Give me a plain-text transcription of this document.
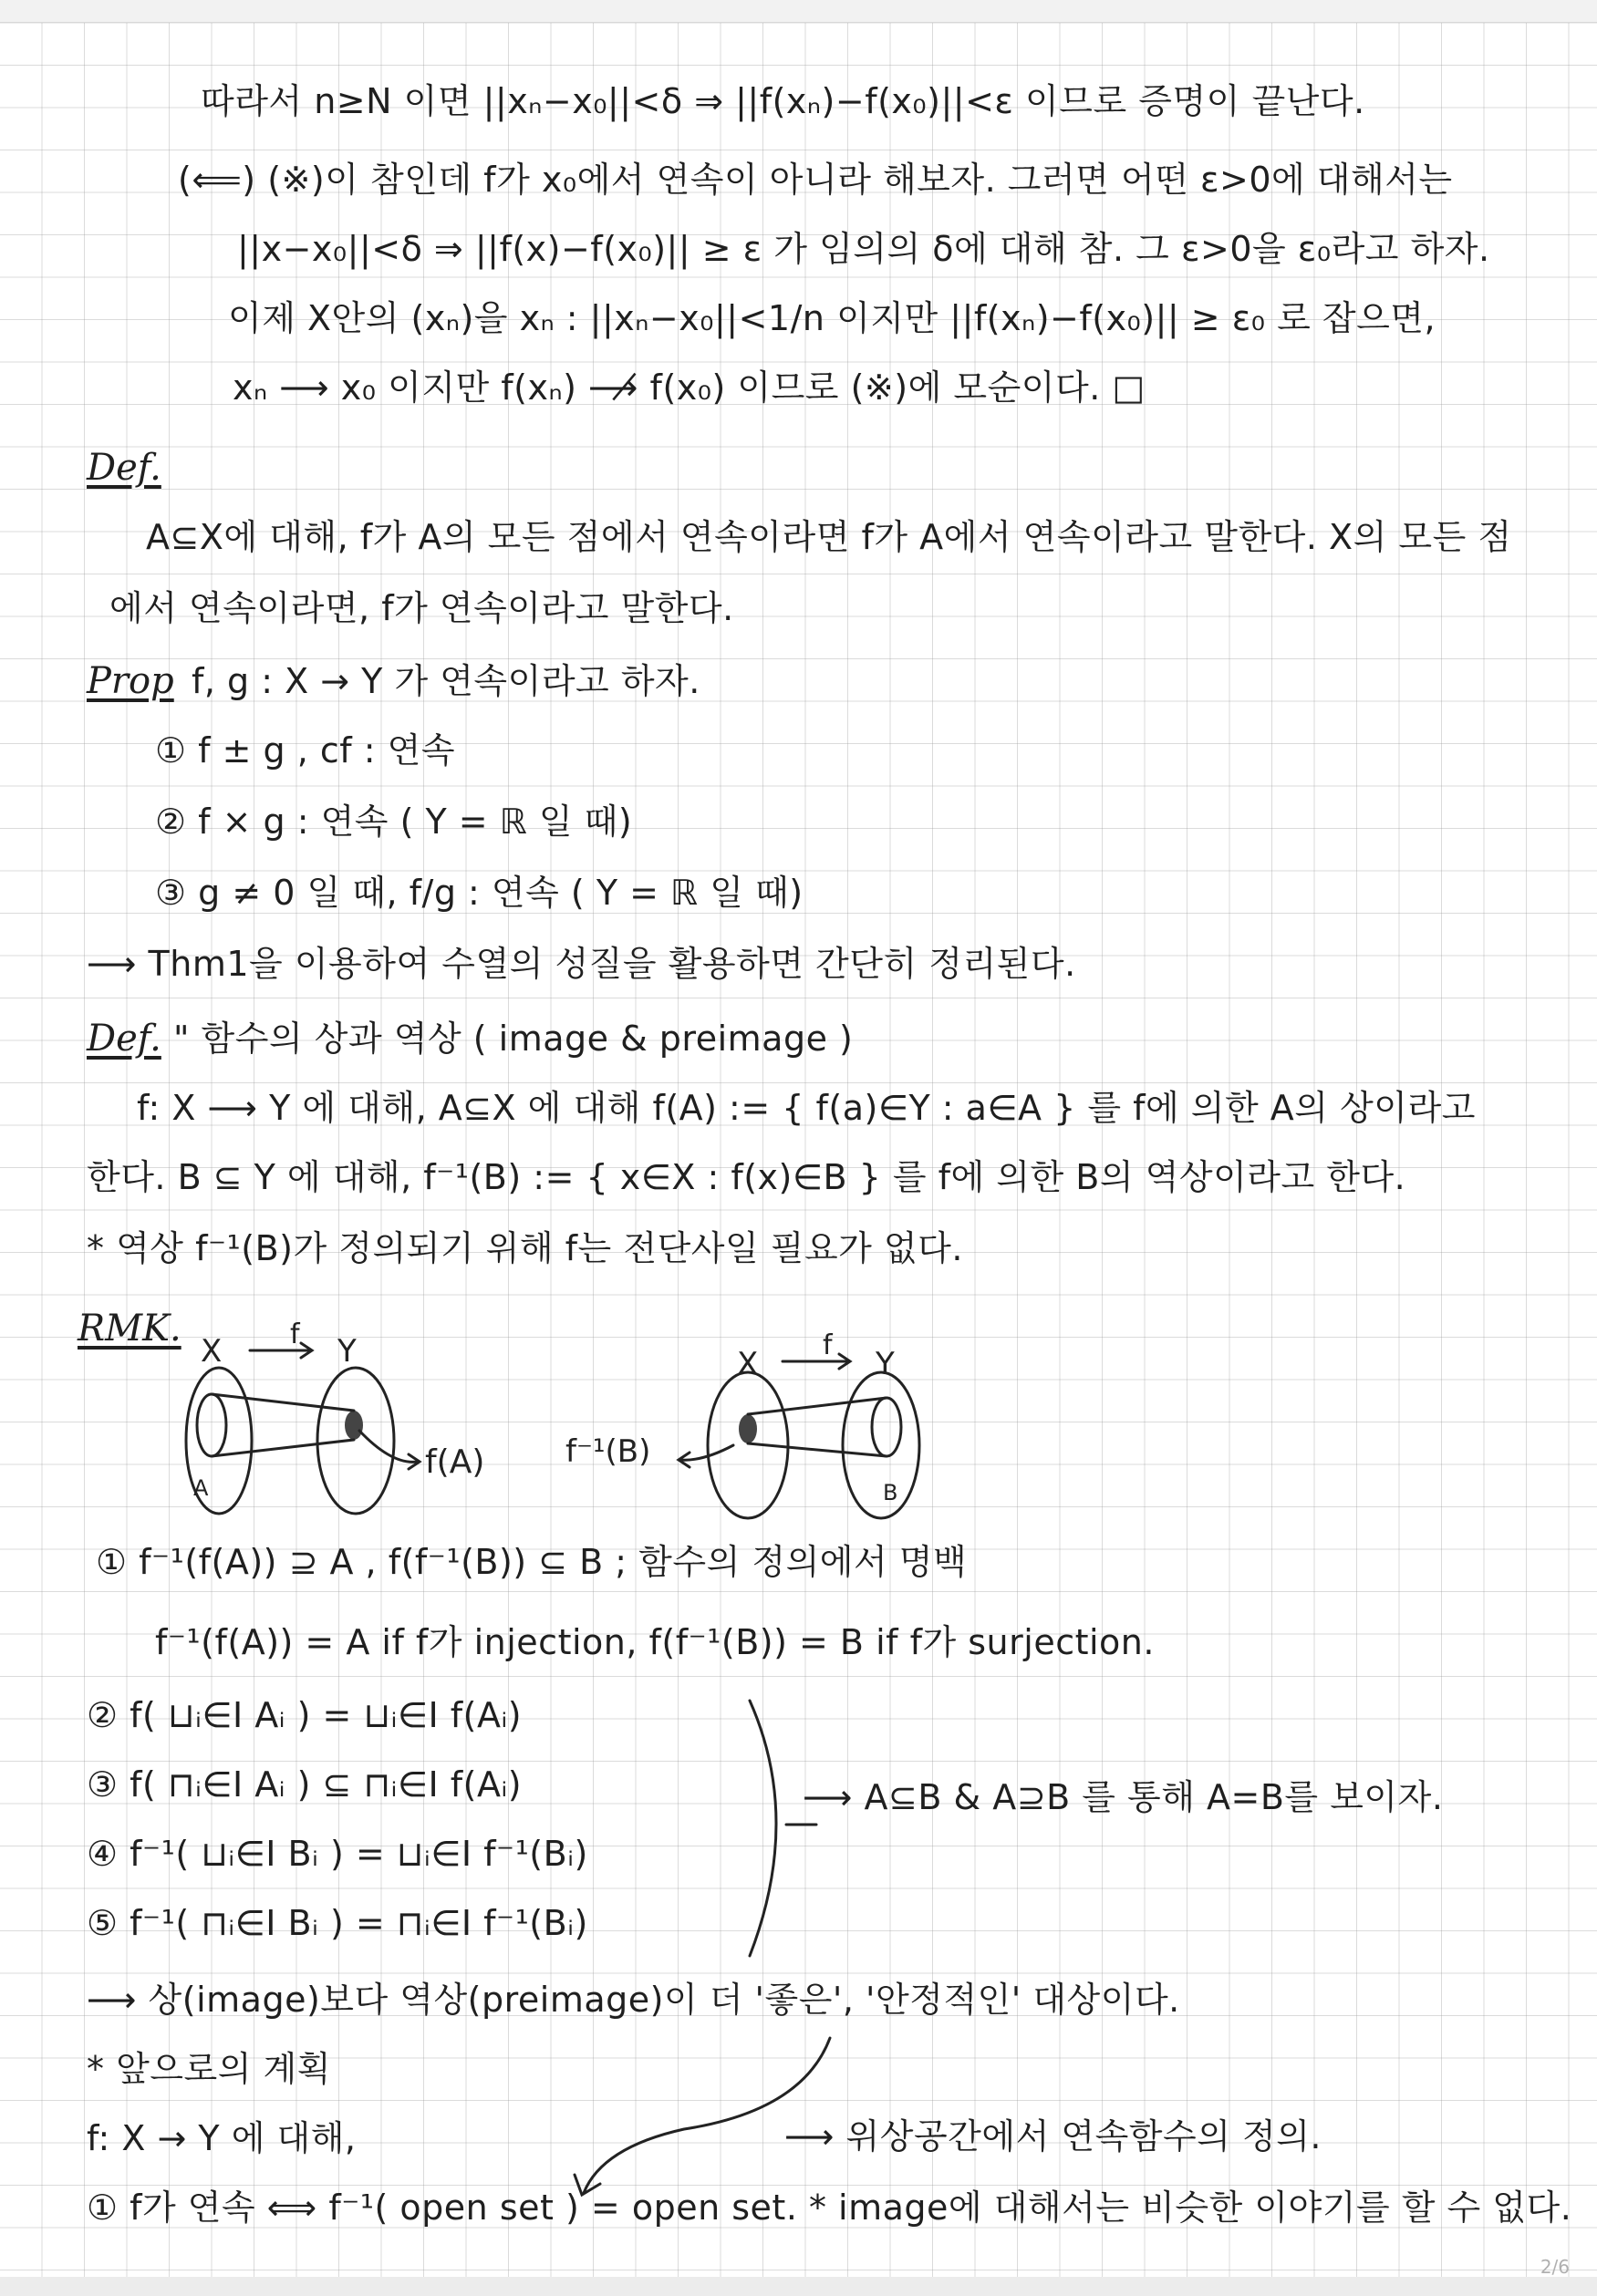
따라서 n≥N 이면 ||xₙ−x₀||<δ ⇒ ||f(xₙ)−f(x₀)||<ε 이므로 증명이 끝난다.
(⟸) (※)이 참인데 f가 x₀에서 연속이 아니라 해보자. 그러면 어떤 ε>0에 대해서는
||x−x₀||<δ ⇒ ||f(x)−f(x₀)|| ≥ ε 가 임의의 δ에 대해 참. 그 ε>0을 ε₀라고 하자.
이제 X안의 (xₙ)을 xₙ : ||xₙ−x₀||<1/n 이지만 ||f(xₙ)−f(x₀)|| ≥ ε₀ 로 잡으면,
xₙ ⟶ x₀ 이지만 f(xₙ) ⟶̸ f(x₀) 이므로 (※)에 모순이다. □
Def.
A⊆X에 대해, f가 A의 모든 점에서 연속이라면 f가 A에서 연속이라고 말한다. X의 모든 점
에서 연속이라면, f가 연속이라고 말한다.
Prop f, g : X → Y 가 연속이라고 하자.
① f ± g , cf : 연속
② f × g : 연속 ( Y = ℝ 일 때)
③ g ≠ 0 일 때, f/g : 연속 ( Y = ℝ 일 때)
⟶ Thm1을 이용하여 수열의 성질을 활용하면 간단히 정리된다.
Def. " 함수의 상과 역상 ( image & preimage )
f: X ⟶ Y 에 대해, A⊆X 에 대해 f(A) := { f(a)∈Y : a∈A } 를 f에 의한 A의 상이라고
한다. B ⊆ Y 에 대해, f⁻¹(B) := { x∈X : f(x)∈B } 를 f에 의한 B의 역상이라고 한다.
* 역상 f⁻¹(B)가 정의되기 위해 f는 전단사일 필요가 없다.
RMK.
X f Y
A
f(A)	f⁻¹(B)
X
f
Y
B
① f⁻¹(f(A)) ⊇ A , f(f⁻¹(B)) ⊆ B ; 함수의 정의에서 명백
f⁻¹(f(A)) = A if f가 injection, f(f⁻¹(B)) = B if f가 surjection.
② f( ⊔ᵢ∈I Aᵢ ) = ⊔ᵢ∈I f(Aᵢ)
③ f( ⊓ᵢ∈I Aᵢ ) ⊆ ⊓ᵢ∈I f(Aᵢ)
④ f⁻¹( ⊔ᵢ∈I Bᵢ ) = ⊔ᵢ∈I f⁻¹(Bᵢ)
⑤ f⁻¹( ⊓ᵢ∈I Bᵢ ) = ⊓ᵢ∈I f⁻¹(Bᵢ)
⟶ A⊆B & A⊇B 를 통해 A=B를 보이자.
⟶ 상(image)보다 역상(preimage)이 더 '좋은', '안정적인' 대상이다.
* 앞으로의 계획
f: X → Y 에 대해,	⟶ 위상공간에서 연속함수의 정의.
① f가 연속 ⟺ f⁻¹( open set ) = open set. * image에 대해서는 비슷한 이야기를 할 수 없다.
2/6
